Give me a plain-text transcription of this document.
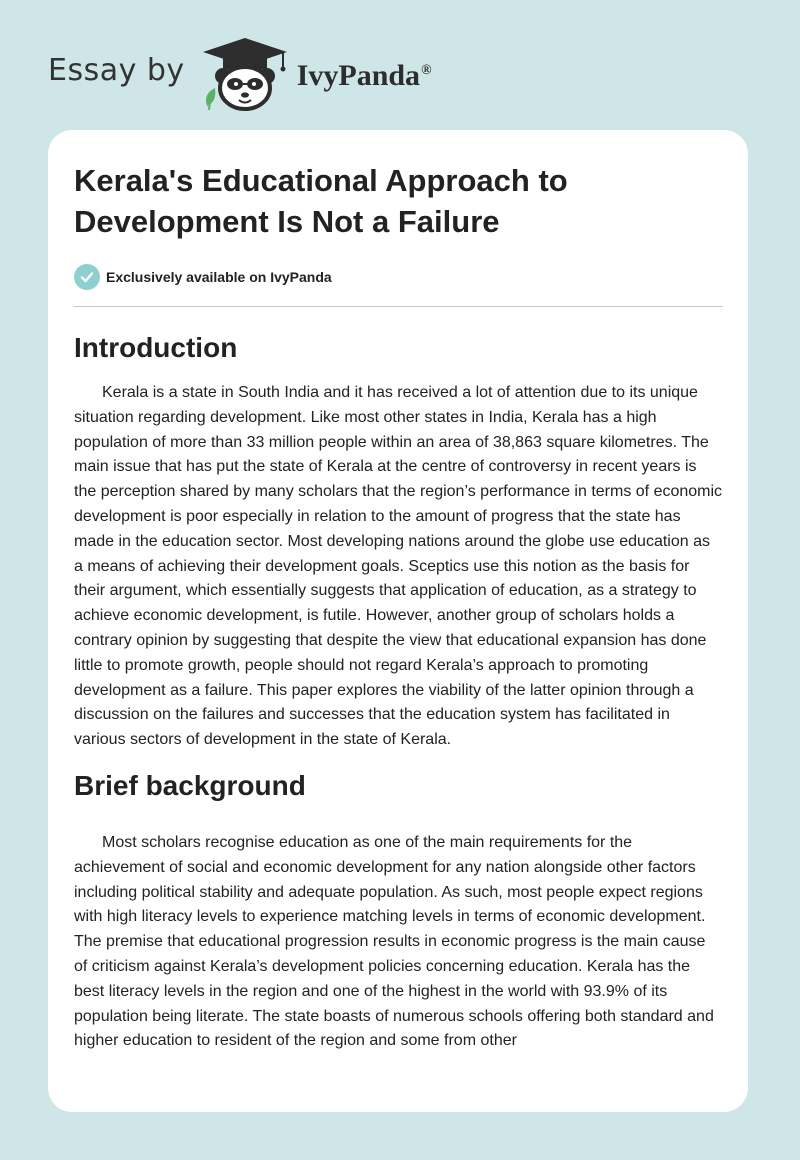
Essay by	IvyPanda®
Kerala's Educational Approach to Development Is Not a Failure
Exclusively available on IvyPanda
Introduction

Kerala is a state in South India and it has received a lot of attention due to its unique situation regarding development. Like most other states in India, Kerala has a high population of more than 33 million people within an area of 38,863 square kilometres. The main issue that has put the state of Kerala at the centre of controversy in recent years is the perception shared by many scholars that the region’s performance in terms of economic development is poor especially in relation to the amount of progress that the state has made in the education sector. Most developing nations around the globe use education as a means of achieving their development goals. Sceptics use this notion as the basis for their argument, which essentially suggests that application of education, as a strategy to achieve economic development, is futile. However, another group of scholars holds a contrary opinion by suggesting that despite the view that educational expansion has done little to promote growth, people should not regard Kerala’s approach to promoting development as a failure. This paper explores the viability of the latter opinion through a discussion on the failures and successes that the education system has facilitated in various sectors of development in the state of Kerala.

Brief background

Most scholars recognise education as one of the main requirements for the achievement of social and economic development for any nation alongside other factors including political stability and adequate population. As such, most people expect regions with high literacy levels to experience matching levels in terms of economic development. The premise that educational progression results in economic progress is the main cause of criticism against Kerala’s development policies concerning education. Kerala has the best literacy levels in the region and one of the highest in the world with 93.9% of its population being literate. The state boasts of numerous schools offering both standard and higher education to resident of the region and some from other
